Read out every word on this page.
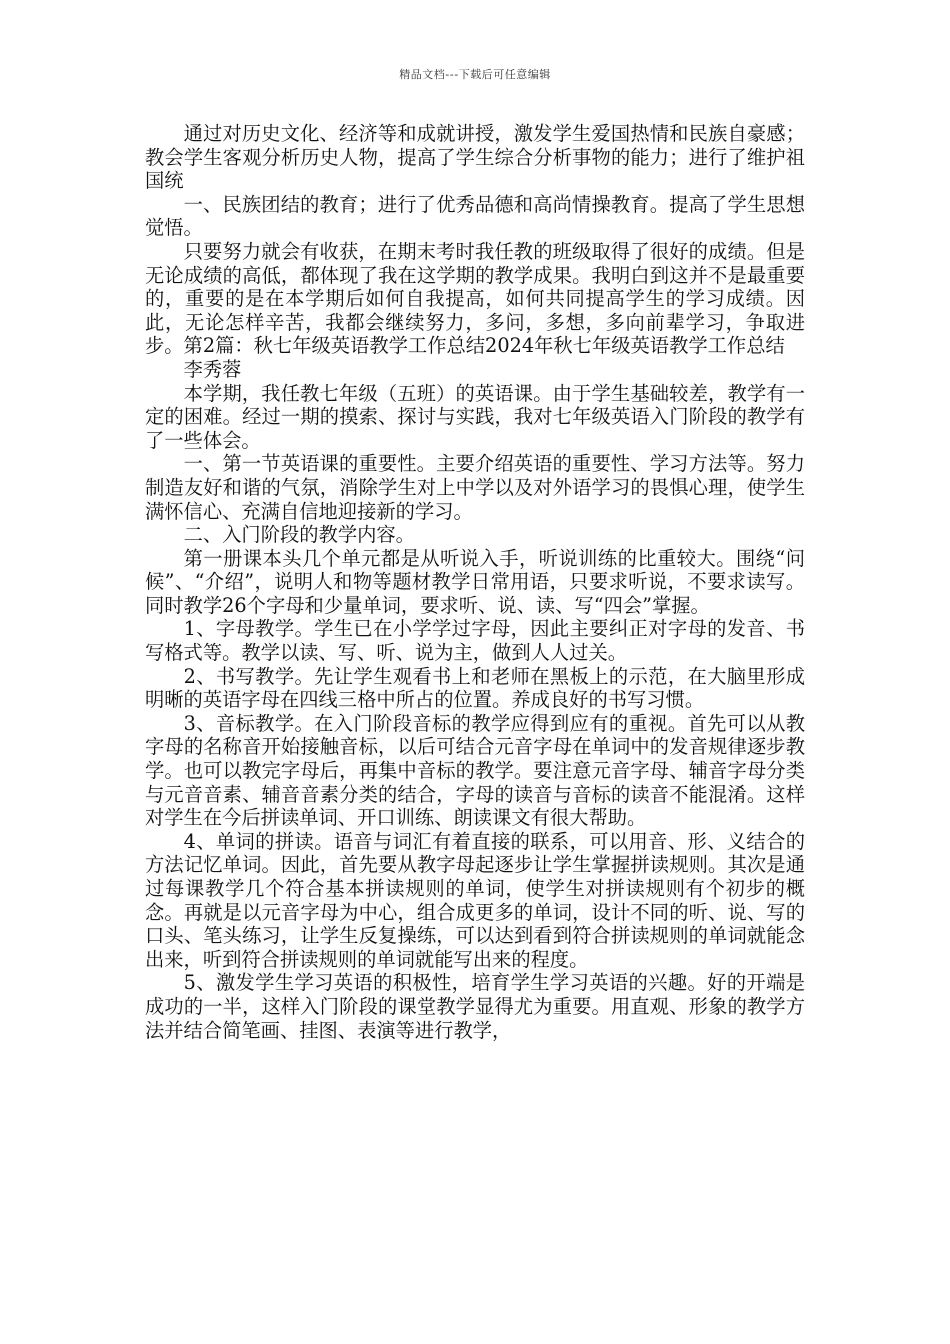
精品文档---下载后可任意编辑

通过对历史文化、经济等和成就讲授，激发学生爱国热情和民族自豪感；教会学生客观分析历史人物，提高了学生综合分析事物的能力；进行了维护祖国统

一、民族团结的教育；进行了优秀品德和高尚情操教育。提高了学生思想觉悟。

只要努力就会有收获，在期末考时我任教的班级取得了很好的成绩。但是无论成绩的高低，都体现了我在这学期的教学成果。我明白到这并不是最重要的，重要的是在本学期后如何自我提高，如何共同提高学生的学习成绩。因此，无论怎样辛苦，我都会继续努力，多问，多想，多向前辈学习，争取进步。第2篇：秋七年级英语教学工作总结2024年秋七年级英语教学工作总结

李秀蓉

本学期，我任教七年级（五班）的英语课。由于学生基础较差，教学有一定的困难。经过一期的摸索、探讨与实践，我对七年级英语入门阶段的教学有了一些体会。

一、第一节英语课的重要性。主要介绍英语的重要性、学习方法等。努力制造友好和谐的气氛，消除学生对上中学以及对外语学习的畏惧心理，使学生满怀信心、充满自信地迎接新的学习。

二、入门阶段的教学内容。

第一册课本头几个单元都是从听说入手，听说训练的比重较大。围绕“问候”、“介绍”，说明人和物等题材教学日常用语，只要求听说，不要求读写。同时教学26个字母和少量单词，要求听、说、读、写“四会”掌握。

1、字母教学。学生已在小学学过字母，因此主要纠正对字母的发音、书写格式等。教学以读、写、听、说为主，做到人人过关。

2、书写教学。先让学生观看书上和老师在黑板上的示范，在大脑里形成明晰的英语字母在四线三格中所占的位置。养成良好的书写习惯。

3、音标教学。在入门阶段音标的教学应得到应有的重视。首先可以从教字母的名称音开始接触音标，以后可结合元音字母在单词中的发音规律逐步教学。也可以教完字母后，再集中音标的教学。要注意元音字母、辅音字母分类与元音音素、辅音音素分类的结合，字母的读音与音标的读音不能混淆。这样对学生在今后拼读单词、开口训练、朗读课文有很大帮助。

4、单词的拼读。语音与词汇有着直接的联系，可以用音、形、义结合的方法记忆单词。因此，首先要从教字母起逐步让学生掌握拼读规则。其次是通过每课教学几个符合基本拼读规则的单词，使学生对拼读规则有个初步的概念。再就是以元音字母为中心，组合成更多的单词，设计不同的听、说、写的口头、笔头练习，让学生反复操练，可以达到看到符合拼读规则的单词就能念出来，听到符合拼读规则的单词就能写出来的程度。

5、激发学生学习英语的积极性，培育学生学习英语的兴趣。好的开端是成功的一半，这样入门阶段的课堂教学显得尤为重要。用直观、形象的教学方法并结合简笔画、挂图、表演等进行教学，
